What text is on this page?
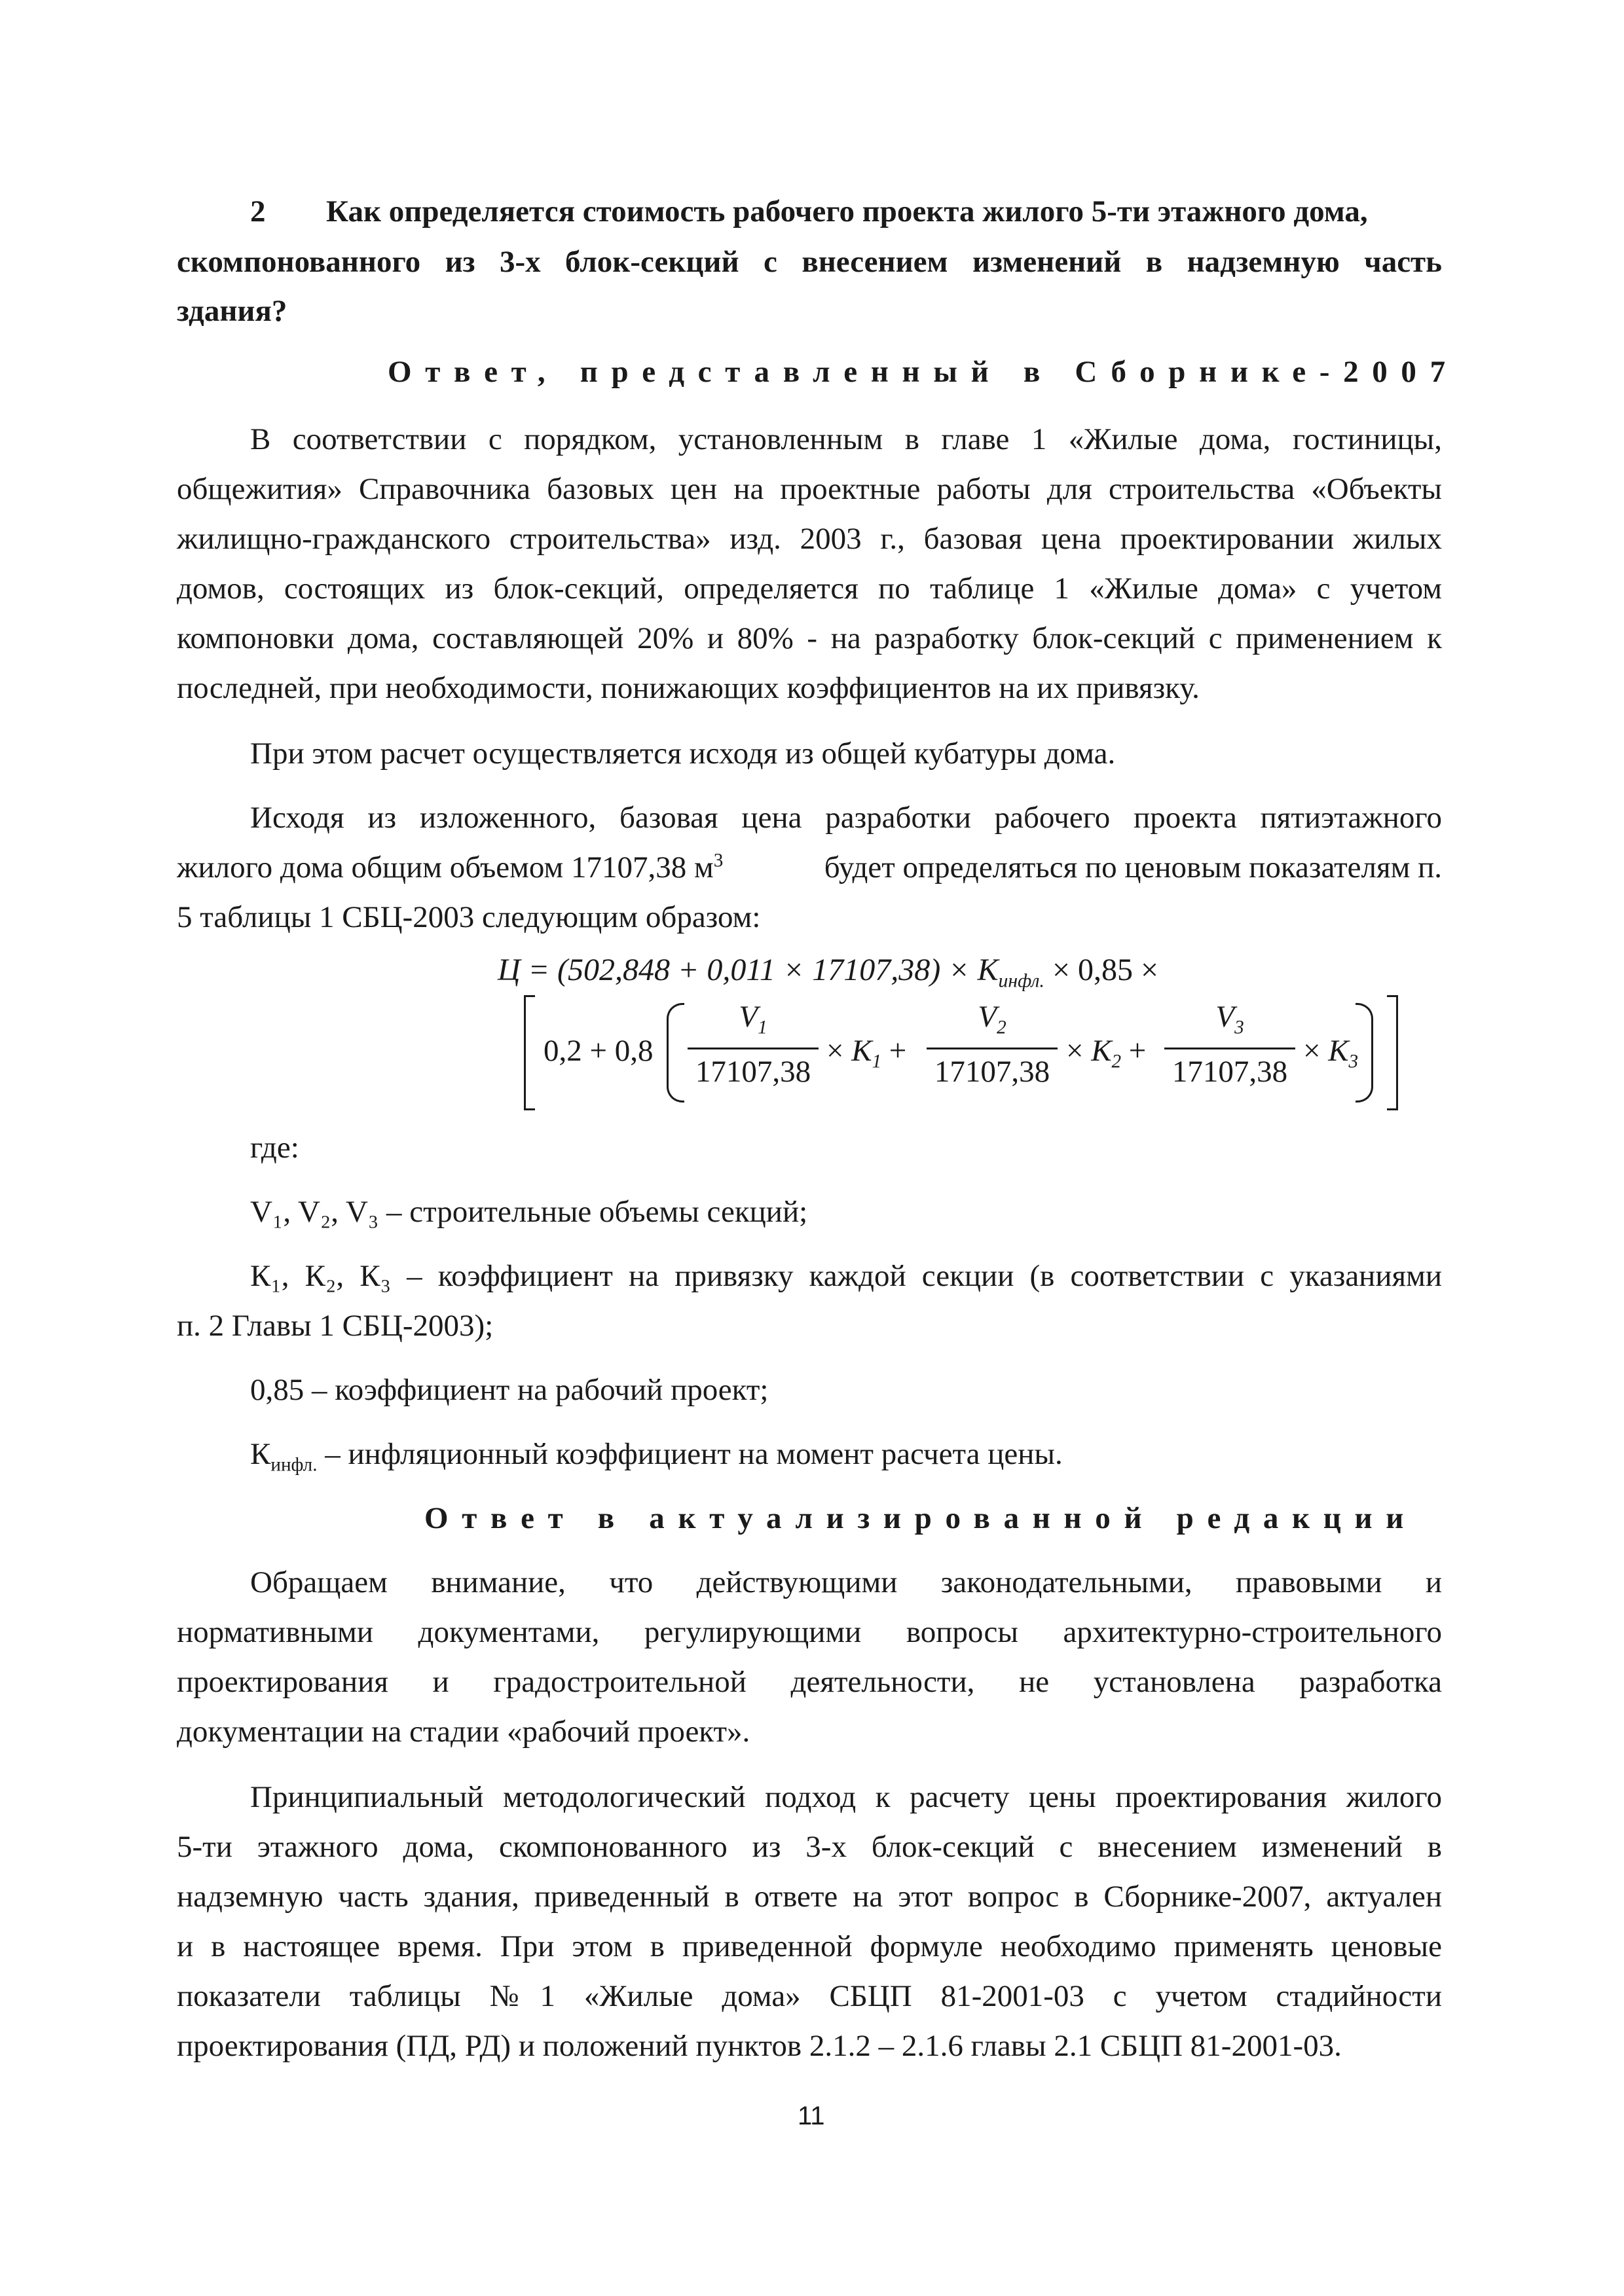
2 Как определяется стоимость рабочего проекта жилого 5-ти этажного дома,
скомпонованного из 3-х блок-секций с внесением изменений в надземную часть
здания?
Ответ, представленный в Сборнике-2007
В соответствии с порядком, установленным в главе 1 «Жилые дома, гостиницы,
общежития» Справочника базовых цен на проектные работы для строительства «Объекты
жилищно-гражданского строительства» изд. 2003 г., базовая цена проектировании жилых
домов, состоящих из блок-секций, определяется по таблице 1 «Жилые дома» с учетом
компоновки дома, составляющей 20% и 80% - на разработку блок-секций с применением к
последней, при необходимости, понижающих коэффициентов на их привязку.
При этом расчет осуществляется исходя из общей кубатуры дома.
Исходя из изложенного, базовая цена разработки рабочего проекта пятиэтажного
жилого дома общим объемом 17107,38 $м^3$	будет определяться по ценовым показателям п.
5 таблицы 1 СБЦ-2003 следующим образом:
$Ц = (502,848 + 0,011 \times 17107,38) \times К_{инфл.} \times 0,85$ ×
0,2 + 0,8
$V_1$
17107,38
× $К_1$ +
$V_2$
17107,38
× $К_2$ +
$V_3$
17107,38
× $К_3$
где:
V₁, V₂, V₃ – строительные объемы секций;
К₁, К₂, К₃ – коэффициент на привязку каждой секции (в соответствии с указаниями
п. 2 Главы 1 СБЦ-2003);
0,85 – коэффициент на рабочий проект;
$К_{инфл.}$ – инфляционный коэффициент на момент расчета цены.
Ответ в актуализированной редакции
Обращаем внимание, что действующими законодательными, правовыми и
нормативными документами, регулирующими вопросы архитектурно-строительного
проектирования и градостроительной деятельности, не установлена разработка
документации на стадии «рабочий проект».
Принципиальный методологический подход к расчету цены проектирования жилого
5-ти этажного дома, скомпонованного из 3-х блок-секций с внесением изменений в
надземную часть здания, приведенный в ответе на этот вопрос в Сборнике-2007, актуален
и в настоящее время. При этом в приведенной формуле необходимо применять ценовые
показатели таблицы №1 «Жилые дома» СБЦП 81-2001-03 с учетом стадийности
проектирования (ПД, РД) и положений пунктов 2.1.2 – 2.1.6 главы 2.1 СБЦП 81-2001-03.
11
